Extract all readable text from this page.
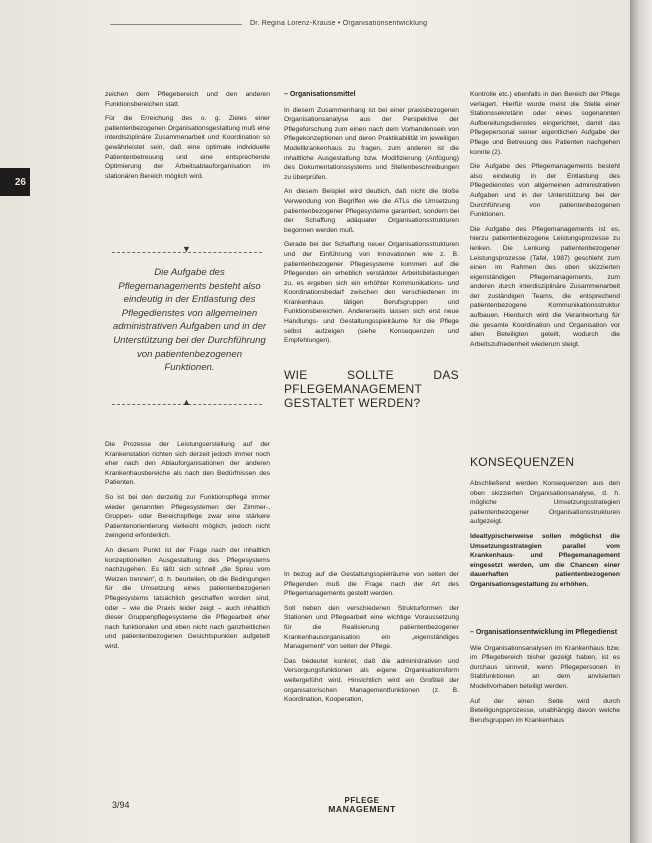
Dr. Regina Lorenz-Krause • Organisationsentwicklung
26

zeichen dem Pflegebereich und den anderen Funktionsbereichen statt.

Für die Erreichung des o. g. Zieles einer patientenbezogenen Organisationsgestaltung muß eine interdisziplinäre Zusammenarbeit und Koordination so gewährleistet sein, daß eine optimale individuelle Patientenbetreuung und eine entsprechende Optimierung der Arbeitsablauforganisation im stationären Bereich möglich wird.

▼
Die Aufgabe des Pflegemanagements besteht also eindeutig in der Entlastung des Pflegedienstes von allgemeinen administrativen Aufgaben und in der Unterstützung bei der Durchführung von patientenbezogenen Funktionen.
▲

Die Prozesse der Leistungserstellung auf der Krankenstation richten sich derzeit jedoch immer noch eher nach den Ablauforganisationen der anderen Krankenhausbereiche als nach den Bedürfnissen des Patienten.

So ist bei den derzeitig zur Funktionspflege immer wieder genannten Pflegesystemen der Zimmer-, Gruppen- oder Bereichspflege zwar eine stärkere Patientenorientierung vielleicht möglich, jedoch nicht zwingend erforderlich.

An diesem Punkt ist der Frage nach der inhaltlich konzeptionellen Ausgestaltung des Pflegesystems nachzugehen. Es läßt sich schnell „die Spreu vom Weizen trennen“, d. h. beurteilen, ob die Bedingungen für die Umsetzung eines patientenbezogenen Pflegesystems tatsächlich geschaffen worden sind, oder – wie die Praxis leider zeigt – auch inhaltlich dieser Gruppenpflegesysteme die Pflegearbeit eher nach funktionalen und eben nicht nach ganzheitlichen und patientenbezogenen Gesichtspunkten aufgeteilt wird.

– Organisationsmittel

In diesem Zusammenhang ist bei einer praxisbezogenen Organisationsanalyse aus der Perspektive der Pflegeforschung zum einen nach dem Vorhandensein von Pflegekonzeptionen und deren Praktikabilität im jeweiligen Modellkrankenhaus zu fragen, zum anderen ist die inhaltliche Ausgestaltung bzw. Modifizierung (Anfügung) des Dokumentationssystems und Stellenbeschreibungen zu überprüfen.

An diesem Beispiel wird deutlich, daß nicht die bloße Verwendung von Begriffen wie die ATLs die Umsetzung patientenbezogener Pflegesysteme garantiert, sondern bei der Schaffung adäquater Organisationsstrukturen begonnen werden muß.

Gerade bei der Schaffung neuer Organisationsstrukturen und der Einführung von Innovationen wie z. B. patientenbezogener Pflegesysteme kommen auf die Pflegenden ein erheblich verstärkter Arbeitsbelastungen zu, es ergeben sich ein erhöhter Kommunikations- und Koordinationsbedarf zwischen den verschiedenen im Krankenhaus tätigen Berufsgruppen und Funktionsbereichen. Andererseits lassen sich erst neue Handlungs- und Gestaltungsspielräume für die Pflege selbst aufzeigen (siehe Konsequenzen und Empfehlungen).

WIE SOLLTE DAS PFLEGEMANAGEMENT GESTALTET WERDEN?

In bezug auf die Gestaltungsspielräume von seiten der Pflegenden muß die Frage nach der Art des Pflegemanagements gestellt werden.

Soll neben den verschiedenen Strukturformen der Stationen und Pflegearbeit eine wichtige Voraussetzung für die Realisierung patientenbezogener Krankenhausorganisation ein „eigenständiges Management“ von seiten der Pflege.

Das bedeutet konkret, daß die administrativen und Versorgungsfunktionen als eigene Organisationsform weitergeführt wird. Hinsichtlich wird ein Großteil der organisatorischen Managementfunktionen (z. B. Koordination, Kooperation,

Kontrolle etc.) ebenfalls in den Bereich der Pflege verlagert. Hierfür wurde meist die Stelle einer Stationssekretärin oder eines sogenannten Aufbereitungsdienstes eingerichtet, damit das Pflegepersonal seiner eigentlichen Aufgabe der Pflege und Betreuung des Patienten nachgehen konnte (2).

Die Aufgabe des Pflegemanagements besteht also eindeutig in der Entlastung des Pflegedienstes von allgemeinen administrativen Aufgaben und in der Unterstützung bei der Durchführung von patientenbezogenen Funktionen.

Die Aufgabe des Pflegemanagements ist es, hierzu patientenbezogene Leistungsprozesse zu lenken. Die Lenkung patientenbezogener Leistungsprozesse (Tafel, 1987) geschieht zum einen im Rahmen des oben skizzierten eigenständigen Pflegemanagements, zum anderen durch interdisziplinäre Zusammenarbeit der zuständigen Teams, die entsprechend patientenbezogene Kommunikationsstruktur aufbauen. Hierdurch wird die Verantwortung für die gesamte Koordination und Organisation vor allen Beteiligten geteilt, wodurch die Arbeitszufriedenheit wiederum steigt.

KONSEQUENZEN

Abschließend werden Konsequenzen aus den oben skizzierten Organisationsanalyse, d. h. mögliche Umsetzungsstrategien patientenbezogener Organisationsstrukturen aufgezeigt.

Idealtypischerweise sollen möglichst die Umsetzungsstrategien parallel vom Krankenhaus- und Pflegemanagement eingesetzt werden, um die Chancen einer dauerhaften patientenbezogenen Organisationsgestaltung zu erhöhen.

– Organisationsentwicklung im Pflegedienst

Wie Organisationsanalysen im Krankenhaus bzw. im Pflegebereich bisher gezeigt haben, ist es durchaus sinnvoll, wenn Pflegepersonen in Stabfunktionen an dem anvisierten Modellvorhaben beteiligt werden.

Auf der einen Seite wird durch Beteiligungsprozesse, unabhängig davon welche Berufsgruppen im Krankenhaus

3/94	PFLEGE
MANAGEMENT
